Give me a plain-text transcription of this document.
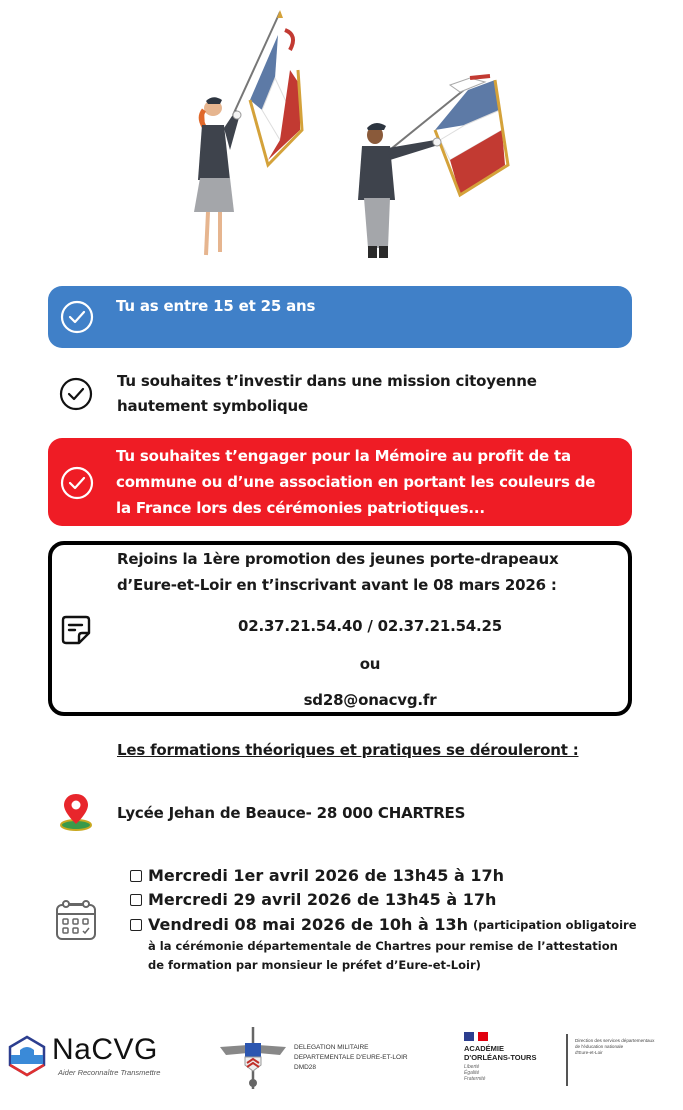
Tu as entre 15 et 25 ans
Tu souhaites t’investir dans une mission citoyenne
hautement symbolique
Tu souhaites t’engager pour la Mémoire au profit de ta
commune ou d’une association en portant les couleurs de
la France lors des cérémonies patriotiques...
Rejoins la 1ère promotion des jeunes porte-drapeaux
d’Eure-et-Loir en t’inscrivant avant le 08 mars 2026 :
02.37.21.54.40 / 02.37.21.54.25
ou
sd28@onacvg.fr
Les formations théoriques et pratiques se dérouleront :
Lycée Jehan de Beauce- 28 000 CHARTRES
Mercredi 1er avril 2026 de 13h45 à 17h
Mercredi 29 avril 2026 de 13h45 à 17h
Vendredi 08 mai 2026 de 10h à 13h (participation obligatoire
à la cérémonie départementale de Chartres pour remise de l’attestation
de formation par monsieur le préfet d’Eure-et-Loir)
NaCVG
Aider Reconnaître Transmettre
DELEGATION MILITAIRE
DEPARTEMENTALE D'EURE-ET-LOIR
DMD28
ACADÉMIE
D'ORLÉANS-TOURS
Liberté
Égalité
Fraternité
Direction des services départementaux
de l'éducation nationale
d'Eure-et-Loir
